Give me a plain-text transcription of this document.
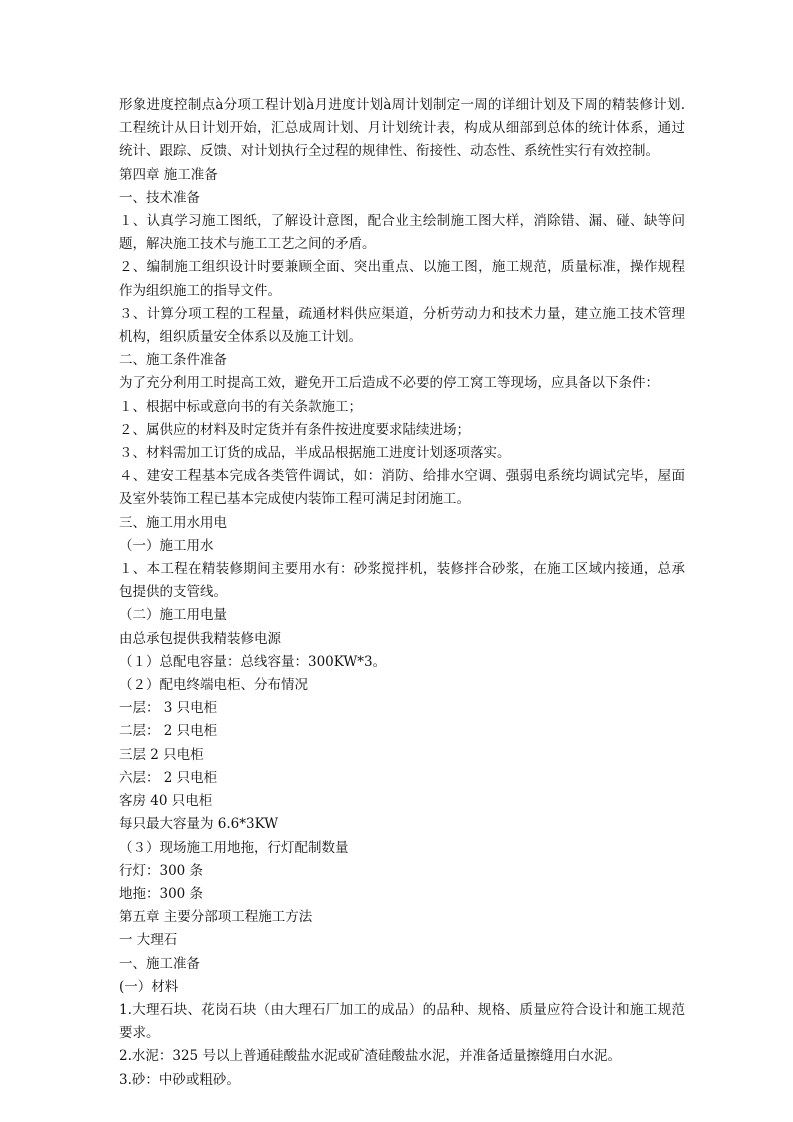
形象进度控制点à分项工程计划à月进度计划à周计划制定一周的详细计划及下周的精装修计划.工程统计从日计划开始，汇总成周计划、月计划统计表，构成从细部到总体的统计体系，通过统计、跟踪、反馈、对计划执行全过程的规律性、衔接性、动态性、系统性实行有效控制。
第四章 施工准备
一、技术准备
１、认真学习施工图纸，了解设计意图，配合业主绘制施工图大样，消除错、漏、碰、缺等问题，解决施工技术与施工工艺之间的矛盾。
２、编制施工组织设计时要兼顾全面、突出重点、以施工图，施工规范，质量标准，操作规程作为组织施工的指导文件。
３、计算分项工程的工程量，疏通材料供应渠道，分析劳动力和技术力量，建立施工技术管理机构，组织质量安全体系以及施工计划。
二、施工条件准备
为了充分利用工时提高工效，避免开工后造成不必要的停工窝工等现场，应具备以下条件：
１、根据中标或意向书的有关条款施工；
２、属供应的材料及时定货并有条件按进度要求陆续进场；
３、材料需加工订货的成品，半成品根据施工进度计划逐项落实。
４、建安工程基本完成各类管件调试，如：消防、给排水空调、强弱电系统均调试完毕，屋面及室外装饰工程已基本完成使内装饰工程可满足封闭施工。
三、施工用水用电
（一）施工用水
１、本工程在精装修期间主要用水有：砂浆搅拌机，装修拌合砂浆，在施工区域内接通，总承包提供的支管线。
（二）施工用电量
由总承包提供我精装修电源
（１）总配电容量：总线容量：300KW*3。
（２）配电终端电柜、分布情况
一层： 3 只电柜
二层： 2 只电柜
三层 2 只电柜
六层： 2 只电柜
客房 40 只电柜
每只最大容量为 6.6*3KW
（３）现场施工用地拖，行灯配制数量
行灯：300 条
地拖：300 条
第五章 主要分部项工程施工方法
一 大理石
一、施工准备
(一）材料
1.大理石块、花岗石块（由大理石厂加工的成品）的品种、规格、质量应符合设计和施工规范要求。
2.水泥：325 号以上普通硅酸盐水泥或矿渣硅酸盐水泥，并准备适量擦缝用白水泥。
3.砂：中砂或粗砂。
